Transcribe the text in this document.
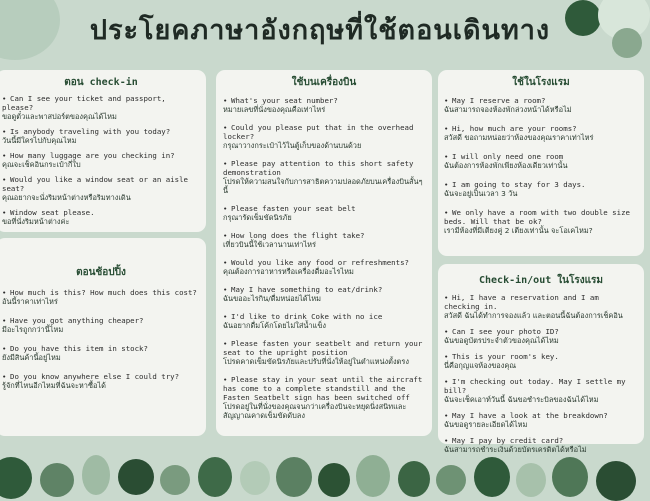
ประโยคภาษาอังกฤษที่ใช้ตอนเดินทาง
ตอน check-in
• Can I see your ticket and passport, please?
ขอดูตั๋วและพาสปอร์ตของคุณได้ไหม
• Is anybody traveling with you today?
วันนี้มีใครไปกับคุณไหม
• How many luggage are you checking in?
คุณจะเช็คอินกระเป๋ากี่ใบ
• Would you like a window seat or an aisle seat?
คุณอยากจะนั่งริมหน้าต่างหรือริมทางเดิน
• Window seat please.
ขอที่นั่งริมหน้าต่างค่ะ
ตอนช้อปปิ้ง
• How much is this? How much does this cost?
อันนี้ราคาเท่าไหร่
• Have you got anything cheaper?
มีอะไรถูกกว่านี้ไหม
• Do you have this item in stock?
ยังมีสินค้านี้อยู่ไหม
• Do you know anywhere else I could try?
รู้จักที่ไหนอีกไหมที่ฉันจะหาซื้อได้
ใช้บนเครื่องบิน
• What's your seat number?
หมายเลขที่นั่งของคุณคือเท่าไหร่
• Could you please put that in the overhead locker?
กรุณาวางกระเป๋าไว้ในตู้เก็บของด้านบนด้วย
• Please pay attention to this short safety demonstration
โปรดให้ความสนใจกับการสาธิตความปลอดภัยบนเครื่องบินสั้นๆ นี้
• Please fasten your seat belt
กรุณารัดเข็มขัดนิรภัย
• How long does the flight take?
เที่ยวบินนี้ใช้เวลานานเท่าไหร่
• Would you like any food or refreshments?
คุณต้องการอาหารหรือเครื่องดื่มอะไรไหม
• May I have something to eat/drink?
ฉันขออะไรกิน/ดื่มหน่อยได้ไหม
• I'd like to drink Coke with no ice
ฉันอยากดื่มโค้กโดยไม่ใส่น้ำแข็ง
• Please fasten your seatbelt and return your seat to the upright position
โปรดคาดเข็มขัดนิรภัยและปรับที่นั่งให้อยู่ในตำแหน่งตั้งตรง
• Please stay in your seat until the aircraft has come to a complete standstill and the Fasten Seatbelt sign has been switched off
โปรดอยู่ในที่นั่งของคุณจนกว่าเครื่องบินจะหยุดนิ่งสนิทและสัญญาณคาดเข็มขัดดับลง
ใช้ในโรงแรม
• May I reserve a room?
ฉันสามารถจองห้องพักล่วงหน้าได้หรือไม่
• Hi, how much are your rooms?
สวัสดี ขอถามหน่อยว่าห้องของคุณราคาเท่าไหร่
• I will only need one room
ฉันต้องการห้องพักเพียงห้องเดียวเท่านั้น
• I am going to stay for 3 days.
ฉันจะอยู่เป็นเวลา 3 วัน
• We only have a room with two double size beds. Will that be ok?
เรามีห้องที่มีเตียงคู่ 2 เตียงเท่านั้น จะโอเคไหม?
Check-in/out ในโรงแรม
• Hi, I have a reservation and I am checking in.
สวัสดี ฉันได้ทำการจองแล้ว และตอนนี้ฉันต้องการเช็คอิน
• Can I see your photo ID?
ฉันขอดูบัตรประจำตัวของคุณได้ไหม
• This is your room's key.
นี่คือกุญแจห้องของคุณ
• I'm checking out today. May I settle my bill?
ฉันจะเช็คเอาท์วันนี้ ฉันขอชำระบิลของฉันได้ไหม
• May I have a look at the breakdown?
ฉันขอดูรายละเอียดได้ไหม
• May I pay by credit card?
ฉันสามารถชำระเงินด้วยบัตรเครดิตได้หรือไม่
